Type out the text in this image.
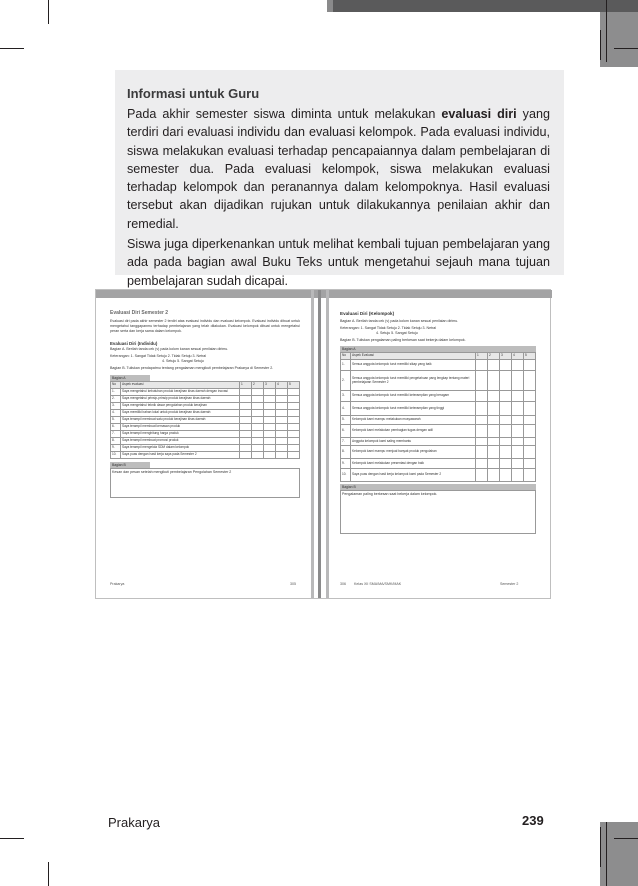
Informasi untuk Guru

Pada akhir semester siswa diminta untuk melakukan evaluasi diri yang terdiri dari evaluasi individu dan evaluasi kelompok. Pada evaluasi individu, siswa melakukan evaluasi terhadap pencapaiannya dalam pembelajaran di semester dua. Pada evaluasi kelompok, siswa melakukan evaluasi terhadap kelompok dan peranannya dalam kelompoknya. Hasil evaluasi tersebut akan dijadikan rujukan untuk dilakukannya penilaian akhir dan remedial.

Siswa juga diperkenankan untuk melihat kembali tujuan pembelajaran yang ada pada bagian awal Buku Teks untuk mengetahui sejauh mana tujuan pembelajaran sudah dicapai.

Evaluasi Diri Semester 2

Evaluasi diri pada akhir semester 2 terdiri atas evaluasi individu dan evaluasi kelompok. Evaluasi individu dibuat untuk mengetahui tanggapanmu terhadap pembelajaran yang telah dilakukan. Evaluasi kelompok dibuat untuk mengetahui peran serta dan kerja sama dalam kelompok.

Evaluasi Diri (Individu)

Bagian A. Berilah tanda cek (v) pada kolom kanan sesuai penilaian dirimu.

Keterangan: 1. Sangat Tidak Setuju 2. Tidak Setuju 3. Netral

4. Setuju 5. Sangat Setuju

Bagian B. Tuliskan pendapatmu tentang pengalaman mengikuti pembelajaran Prakarya di Semester 2.

Bagian A
No	Aspek evaluasi	1	2	3	4	5
1.	Saya mengetahui kebutuhan produk kerajinan khas daerah dengan inovasi					
2.	Saya mengetahui prinsip-prinsip produk kerajinan khas daerah					
3.	Saya mengetahui teknik dasar pengolahan produk kerajinan					
4.	Saya memiliki bahan lokal untuk produk kerajinan khas daerah					
5.	Saya terampil membuat satu produk kerajinan khas daerah					
6.	Saya terampil membuat kemasan produk					
7.	Saya terampil menghitung harga produk					
8.	Saya terampil membuat promosi produk					
9.	Saya terampil mengelola SDM dalam kelompok					
10.	Saya puas dengan hasil kerja saya pada Semester 2					
Bagian B
Kesan dan pesan setelah mengikuti pembelajaran Pengolahan Semester 2
Prakarya	305
Evaluasi Diri (Kelompok)

Bagian A. Berilah tanda cek (v) pada kolom kanan sesuai penilaian dirimu.

Keterangan: 1. Sangat Tidak Setuju 2. Tidak Setuju 3. Netral

4. Setuju 5. Sangat Setuju

Bagian B. Tuliskan pengalaman paling berkesan saat bekerja dalam kelompok.

Bagian A
No	Aspek Evaluasi	1	2	3	4	5
1.	Semua anggota kelompok turut memiliki sikap yang baik					
2.	Semua anggota kelompok turut memiliki pengetahuan yang lengkap tentang materi pembelajaran Semester 2					
3.	Semua anggota kelompok turut memiliki keterampilan yang beragam					
4.	Semua anggota kelompok turut memiliki keterampilan yang tinggi					
5.	Kelompok kami mampu melakukan musyawarah					
6.	Kelompok kami melakukan pembagian tugas dengan adil					
7.	Anggota kelompok kami saling membantu					
8.	Kelompok kami mampu menjual banyak produk pengolahan					
9.	Kelompok kami melakukan presentasi dengan baik					
10.	Saya puas dengan hasil kerja kelompok kami pada Semester 2					
Bagian B
Pengalaman paling berkesan saat bekerja dalam kelompok.
306 Kelas XII SMA/MA/SMK/MAK	Semester 2
Prakarya	239
